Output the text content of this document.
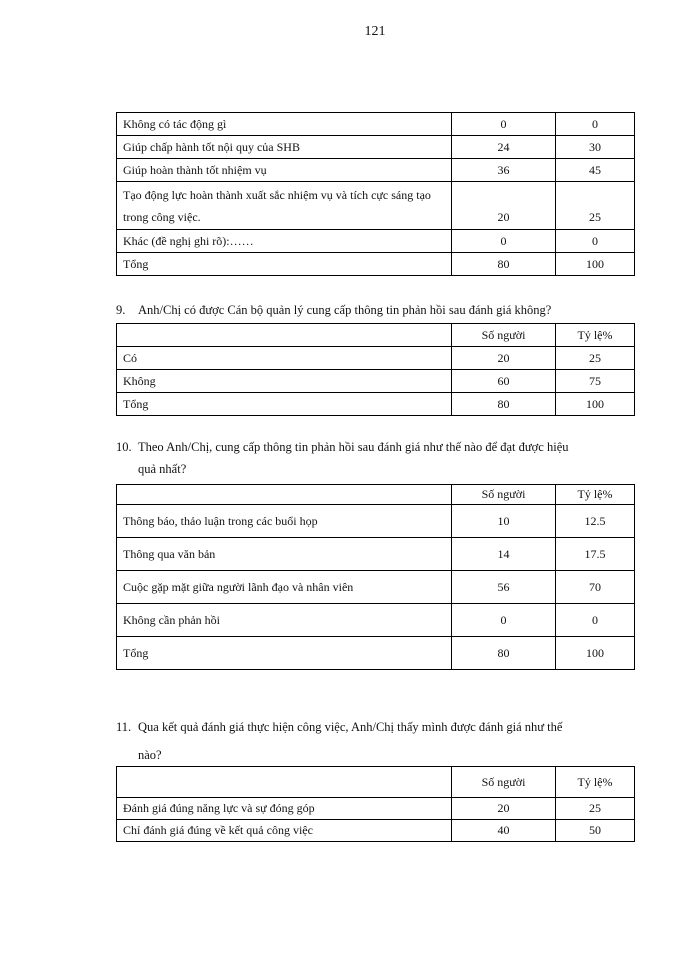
121
Không có tác động gì	0	0
Giúp chấp hành tốt nội quy của SHB	24	30
Giúp hoàn thành tốt nhiệm vụ	36	45
Tạo động lực hoàn thành xuất sắc nhiệm vụ và tích cực sáng tạo trong công việc.	20	25
Khác (đề nghị ghi rõ):……	0	0
Tổng	80	100
9. Anh/Chị có được Cán bộ quản lý cung cấp thông tin phản hồi sau đánh giá không?
	Số người	Tỷ lệ%
Có	20	25
Không	60	75
Tổng	80	100
10. Theo Anh/Chị, cung cấp thông tin phản hồi sau đánh giá như thế nào để đạt được hiệu
quả nhất?
	Số người	Tỷ lệ%
Thông báo, thảo luận trong các buổi họp	10	12.5
Thông qua văn bản	14	17.5
Cuộc gặp mặt giữa người lãnh đạo và nhân viên	56	70
Không cần phản hồi	0	0
Tổng	80	100
11. Qua kết quả đánh giá thực hiện công việc, Anh/Chị thấy mình được đánh giá như thế
nào?
	Số người	Tỷ lệ%
Đánh giá đúng năng lực và sự đóng góp	20	25
Chỉ đánh giá đúng về kết quả công việc	40	50
